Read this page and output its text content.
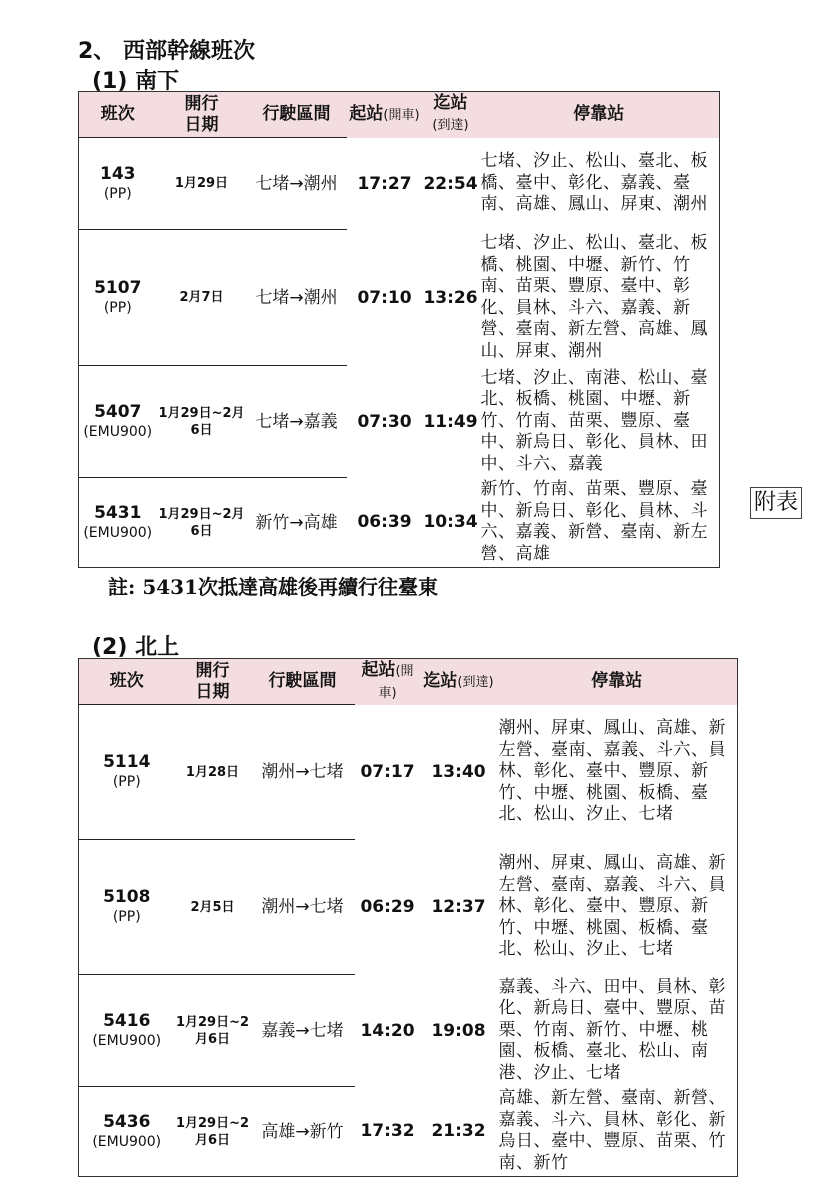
2、 西部幹線班次
(1) 南下
班次	開行
日期	行駛區間	起站(開車)	迄站
(到達)	停靠站

143
(PP)	1月29日	七堵→潮州	17:27	22:54	七堵、汐止、松山、臺北、板橋、臺中、彰化、嘉義、臺南、高雄、鳳山、屏東、潮州

5107
(PP)	2月7日	七堵→潮州	07:10	13:26	七堵、汐止、松山、臺北、板橋、桃園、中壢、新竹、竹南、苗栗、豐原、臺中、彰化、員林、斗六、嘉義、新營、臺南、新左營、高雄、鳳山、屏東、潮州

5407
(EMU900)	1月29日~2月6日	七堵→嘉義	07:30	11:49	七堵、汐止、南港、松山、臺北、板橋、桃園、中壢、新竹、竹南、苗栗、豐原、臺中、新烏日、彰化、員林、田中、斗六、嘉義

5431
(EMU900)	1月29日~2月6日	新竹→高雄	06:39	10:34	新竹、竹南、苗栗、豐原、臺中、新烏日、彰化、員林、斗六、嘉義、新營、臺南、新左營、高雄
註: 5431次抵達高雄後再續行往臺東
附表
(2) 北上
班次	開行
日期	行駛區間	起站(開車)	迄站(到達)	停靠站

5114
(PP)	1月28日	潮州→七堵	07:17	13:40	潮州、屏東、鳳山、高雄、新左營、臺南、嘉義、斗六、員林、彰化、臺中、豐原、新竹、中壢、桃園、板橋、臺北、松山、汐止、七堵

5108
(PP)	2月5日	潮州→七堵	06:29	12:37	潮州、屏東、鳳山、高雄、新左營、臺南、嘉義、斗六、員林、彰化、臺中、豐原、新竹、中壢、桃園、板橋、臺北、松山、汐止、七堵

5416
(EMU900)	1月29日~2月6日	嘉義→七堵	14:20	19:08	嘉義、斗六、田中、員林、彰化、新烏日、臺中、豐原、苗栗、竹南、新竹、中壢、桃園、板橋、臺北、松山、南港、汐止、七堵

5436
(EMU900)	1月29日~2月6日	高雄→新竹	17:32	21:32	高雄、新左營、臺南、新營、嘉義、斗六、員林、彰化、新烏日、臺中、豐原、苗栗、竹南、新竹
